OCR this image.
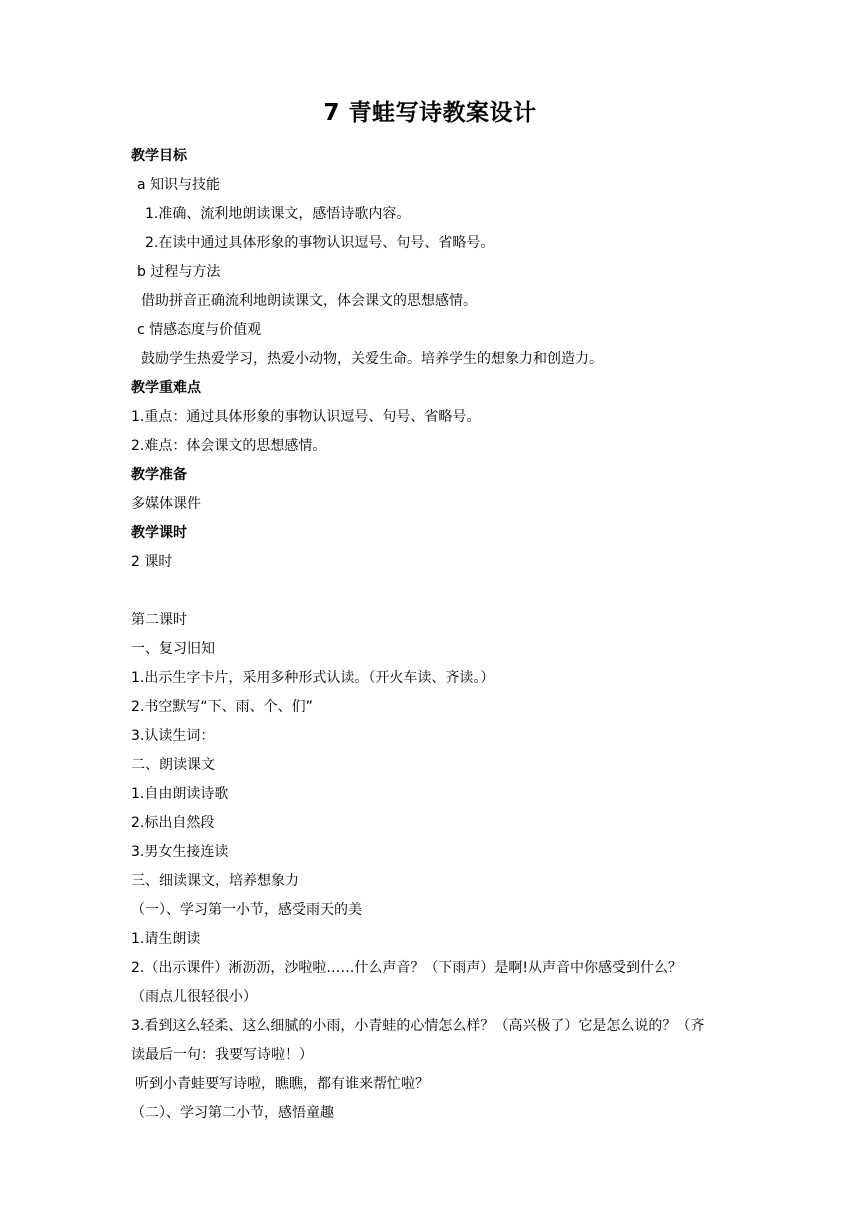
7 青蛙写诗教案设计
教学目标
a 知识与技能
1.准确、流利地朗读课文，感悟诗歌内容。
2.在读中通过具体形象的事物认识逗号、句号、省略号。
b 过程与方法
借助拼音正确流利地朗读课文，体会课文的思想感情。
c 情感态度与价值观
鼓励学生热爱学习，热爱小动物，关爱生命。培养学生的想象力和创造力。
教学重难点
1.重点：通过具体形象的事物认识逗号、句号、省略号。
2.难点：体会课文的思想感情。
教学准备
多媒体课件
教学课时
2 课时
第二课时
一、复习旧知
1.出示生字卡片，采用多种形式认读。（开火车读、齐读。）
2.书空默写“下、雨、个、们”
3.认读生词：
二、朗读课文
1.自由朗读诗歌
2.标出自然段
3.男女生接连读
三、细读课文，培养想象力
（一）、学习第一小节，感受雨天的美
1.请生朗读
2.（出示课件）淅沥沥，沙啦啦……什么声音？（下雨声）是啊!从声音中你感受到什么？
（雨点儿很轻很小）
3.看到这么轻柔、这么细腻的小雨，小青蛙的心情怎么样？（高兴极了）它是怎么说的？（齐
读最后一句：我要写诗啦！）
听到小青蛙要写诗啦，瞧瞧，都有谁来帮忙啦？
（二）、学习第二小节，感悟童趣
